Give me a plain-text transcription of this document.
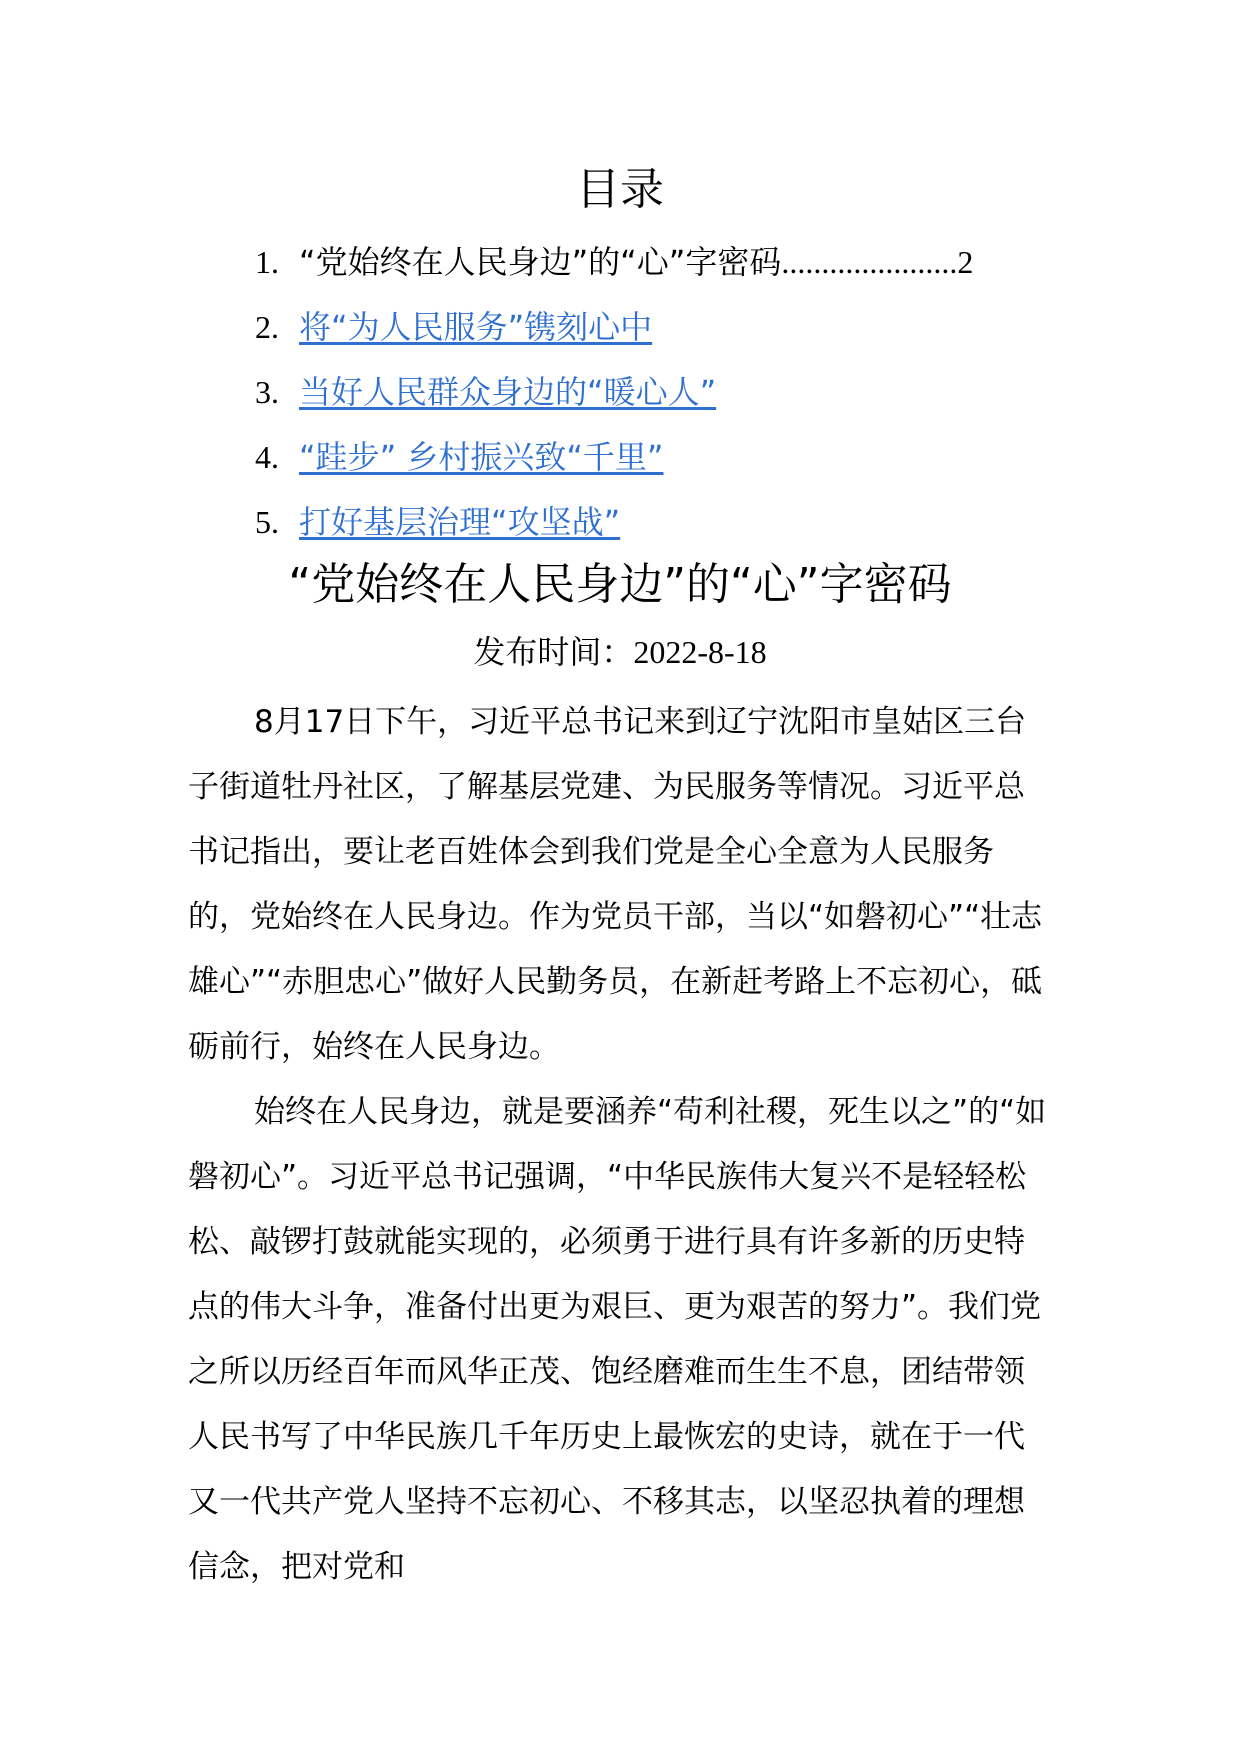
目录
1. “党始终在人民身边”的“心”字密码......................2
2. 将“为人民服务”镌刻心中
3. 当好人民群众身边的“暖心人”
4. “跬步” 乡村振兴致“千里”
5. 打好基层治理“攻坚战”
“党始终在人民身边”的“心”字密码
发布时间：2022-8-18

8月17日下午，习近平总书记来到辽宁沈阳市皇姑区三台子街道牡丹社区，了解基层党建、为民服务等情况。习近平总书记指出，要让老百姓体会到我们党是全心全意为人民服务的，党始终在人民身边。作为党员干部，当以“如磐初心”“壮志雄心”“赤胆忠心”做好人民勤务员，在新赶考路上不忘初心，砥砺前行，始终在人民身边。

始终在人民身边，就是要涵养“苟利社稷，死生以之”的“如磐初心”。习近平总书记强调，“中华民族伟大复兴不是轻轻松松、敲锣打鼓就能实现的，必须勇于进行具有许多新的历史特点的伟大斗争，准备付出更为艰巨、更为艰苦的努力”。我们党之所以历经百年而风华正茂、饱经磨难而生生不息，团结带领人民书写了中华民族几千年历史上最恢宏的史诗，就在于一代又一代共产党人坚持不忘初心、不移其志，以坚忍执着的理想信念，把对党和
